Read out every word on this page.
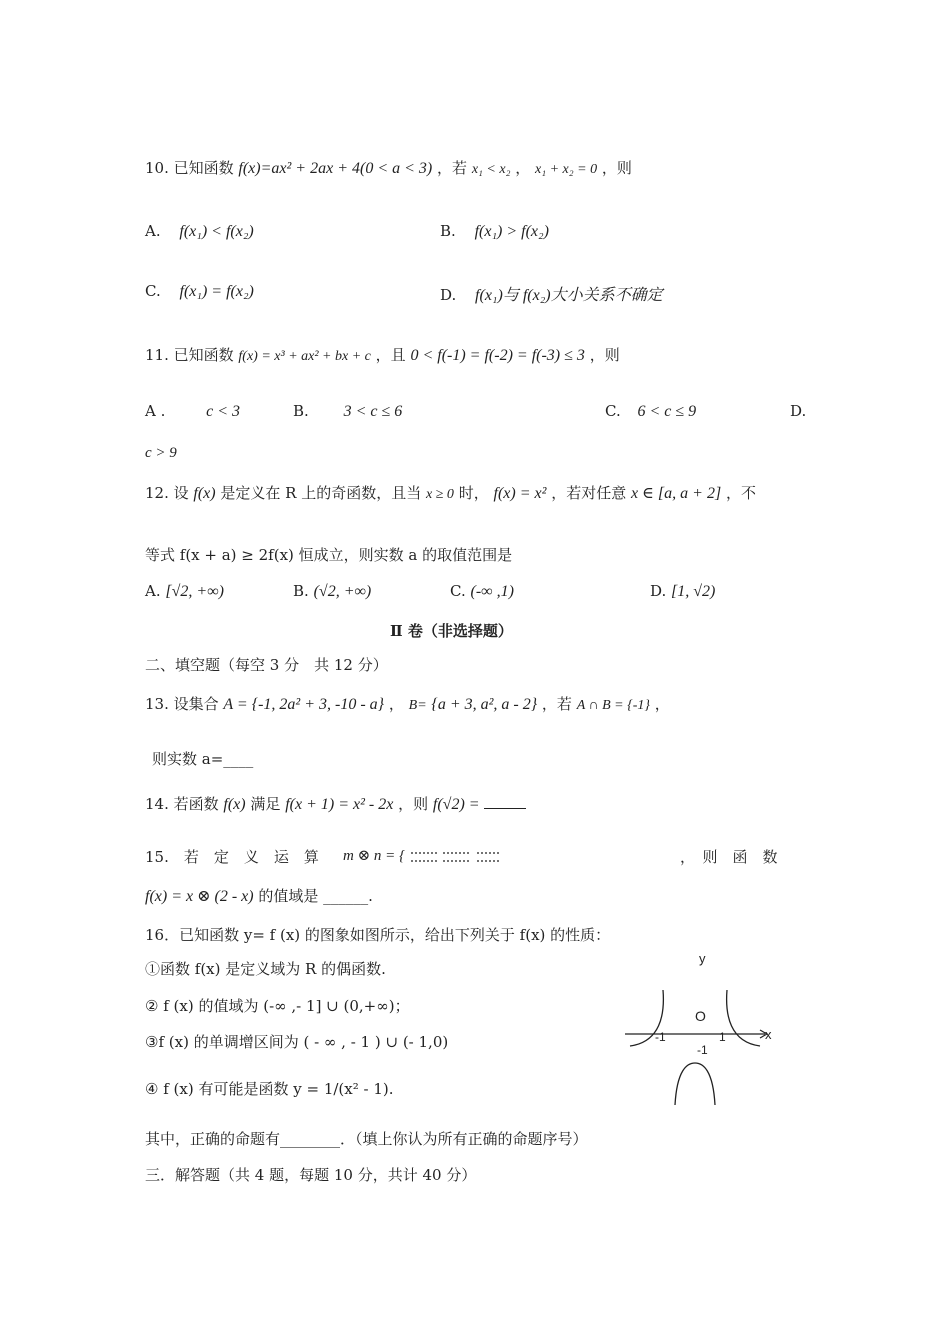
10. 已知函数 f(x)=ax² + 2ax + 4(0 < a < 3) ，若 x₁ < x₂ ， x₁ + x₂ = 0 ，则
A. f(x₁) < f(x₂)	B. f(x₁) > f(x₂)
C. f(x₁) = f(x₂)	D. f(x₁)与 f(x₂)大小关系不确定
11. 已知函数 f(x) = x³ + ax² + bx + c ，且 0 < f(-1) = f(-2) = f(-3) ≤ 3 ，则
A .	c < 3	B. 3 < c ≤ 6	C. 6 < c ≤ 9	D.
c > 9
12. 设 f(x) 是定义在 R 上的奇函数，且当 x ≥ 0 时， f(x) = x² ，若对任意 x ∈ [a, a + 2] ，不
等式 f(x + a) ≥ 2f(x) 恒成立，则实数 a 的取值范围是
A. [√2, +∞)	B. (√2, +∞)	C. (-∞ ,1)	D. [1, √2)
Ⅱ 卷（非选择题）
二、填空题（每空 3 分　共 12 分）
13. 设集合 A = {-1, 2a² + 3, -10 - a} ， B= {a + 3, a², a - 2} ，若 A ∩ B = {-1} ，
则实数 a=____
14. 若函数 f(x) 满足 f(x + 1) = x² - 2x ，则 f(√2) =
15.　若　定　义　运　算 m ⊗ n = {	，　则　函　数
f(x) = x ⊗ (2 - x) 的值域是 ______.
16．已知函数 y= f (x) 的图象如图所示，给出下列关于 f(x) 的性质：
①函数 f(x) 是定义域为 R 的偶函数.
② f (x) 的值域为 (-∞ ,- 1] ∪ (0,+∞)；
③f (x) 的单调增区间为 ( - ∞ , - 1 ) ∪ (- 1,0)
④ f (x) 有可能是函数 y = 1/(x² - 1).
其中，正确的命题有________．（填上你认为所有正确的命题序号）
y
O
x
-1	1
-1
三．解答题（共 4 题，每题 10 分，共计 40 分）
